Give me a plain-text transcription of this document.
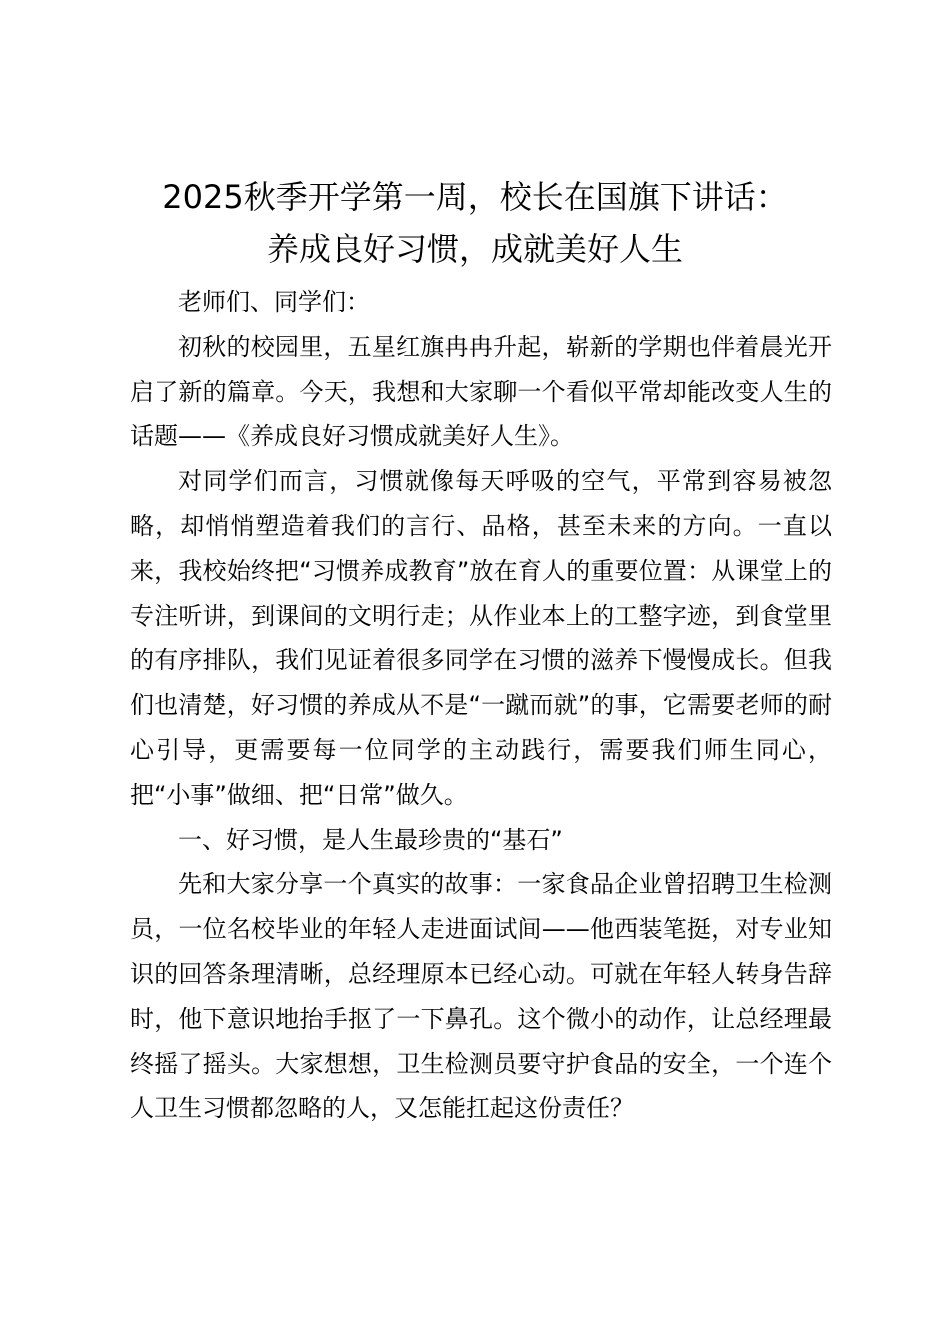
2025秋季开学第一周，校长在国旗下讲话：
养成良好习惯，成就美好人生

老师们、同学们：

初秋的校园里，五星红旗冉冉升起，崭新的学期也伴着晨光开启了新的篇章。今天，我想和大家聊一个看似平常却能改变人生的话题——《养成良好习惯成就美好人生》。

对同学们而言，习惯就像每天呼吸的空气，平常到容易被忽略，却悄悄塑造着我们的言行、品格，甚至未来的方向。一直以来，我校始终把“习惯养成教育”放在育人的重要位置：从课堂上的专注听讲，到课间的文明行走；从作业本上的工整字迹，到食堂里的有序排队，我们见证着很多同学在习惯的滋养下慢慢成长。但我们也清楚，好习惯的养成从不是“一蹴而就”的事，它需要老师的耐心引导，更需要每一位同学的主动践行，需要我们师生同心，把“小事”做细、把“日常”做久。

一、好习惯，是人生最珍贵的“基石”

先和大家分享一个真实的故事：一家食品企业曾招聘卫生检测员，一位名校毕业的年轻人走进面试间——他西装笔挺，对专业知识的回答条理清晰，总经理原本已经心动。可就在年轻人转身告辞时，他下意识地抬手抠了一下鼻孔。这个微小的动作，让总经理最终摇了摇头。大家想想，卫生检测员要守护食品的安全，一个连个人卫生习惯都忽略的人，又怎能扛起这份责任？
